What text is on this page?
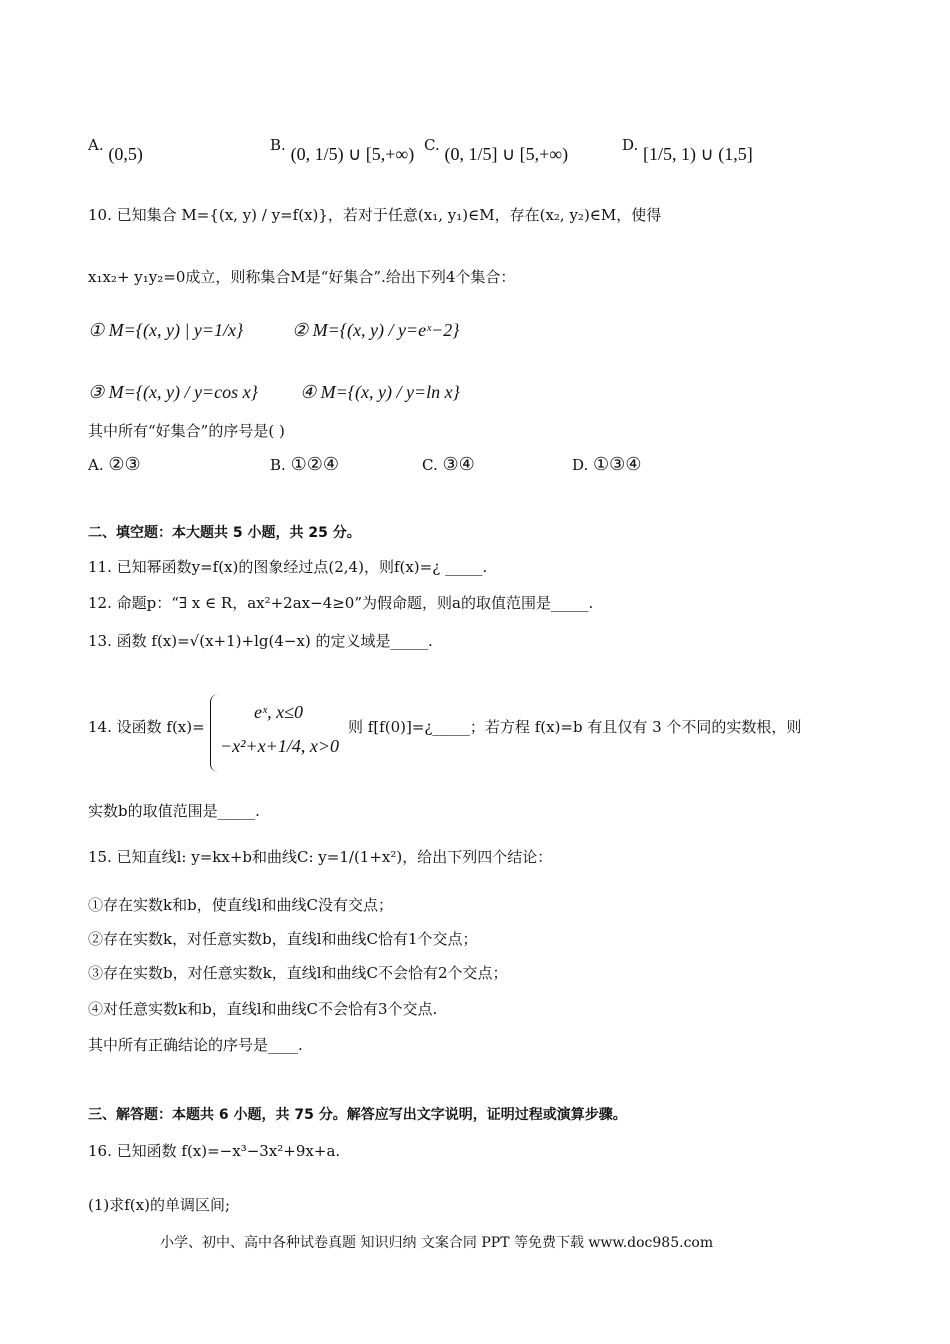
A. (0,5)	B. (0, 1/5) ∪ [5,+∞) C. (0, 1/5] ∪ [5,+∞)	D. [1/5, 1) ∪ (1,5]
10. 已知集合 M={(x, y) / y=f(x)}，若对于任意(x₁, y₁)∈M，存在(x₂, y₂)∈M，使得
x₁x₂+ y₁y₂=0成立，则称集合M是“好集合”.给出下列4个集合：
① M={(x, y) | y=1/x}	② M={(x, y) / y=eˣ−2}
③ M={(x, y) / y=cos x} ④ M={(x, y) / y=ln x}
其中所有“好集合”的序号是( )
A. ②③	B. ①②④	C. ③④	D. ①③④
二、填空题：本大题共 5 小题，共 25 分。
11. 已知幂函数y=f(x)的图象经过点(2,4)，则f(x)=¿ _____.
12. 命题p：“∃ x ∈ R，ax²+2ax−4≥0”为假命题，则a的取值范围是_____.
13. 函数 f(x)=√(x+1)+lg(4−x) 的定义域是_____.
14. 设函数 f(x)=
eˣ, x≤0
−x²+x+1/4, x>0
则 f[f(0)]=¿_____；若方程 f(x)=b 有且仅有 3 个不同的实数根，则
实数b的取值范围是_____.
15. 已知直线l: y=kx+b和曲线C: y=1/(1+x²)，给出下列四个结论：
①存在实数k和b，使直线l和曲线C没有交点；
②存在实数k，对任意实数b，直线l和曲线C恰有1个交点；
③存在实数b，对任意实数k，直线l和曲线C不会恰有2个交点；
④对任意实数k和b，直线l和曲线C不会恰有3个交点.
其中所有正确结论的序号是____.
三、解答题：本题共 6 小题，共 75 分。解答应写出文字说明，证明过程或演算步骤。
16. 已知函数 f(x)=−x³−3x²+9x+a.
(1)求f(x)的单调区间;
小学、初中、高中各种试卷真题 知识归纳 文案合同 PPT 等免费下载 www.doc985.com
